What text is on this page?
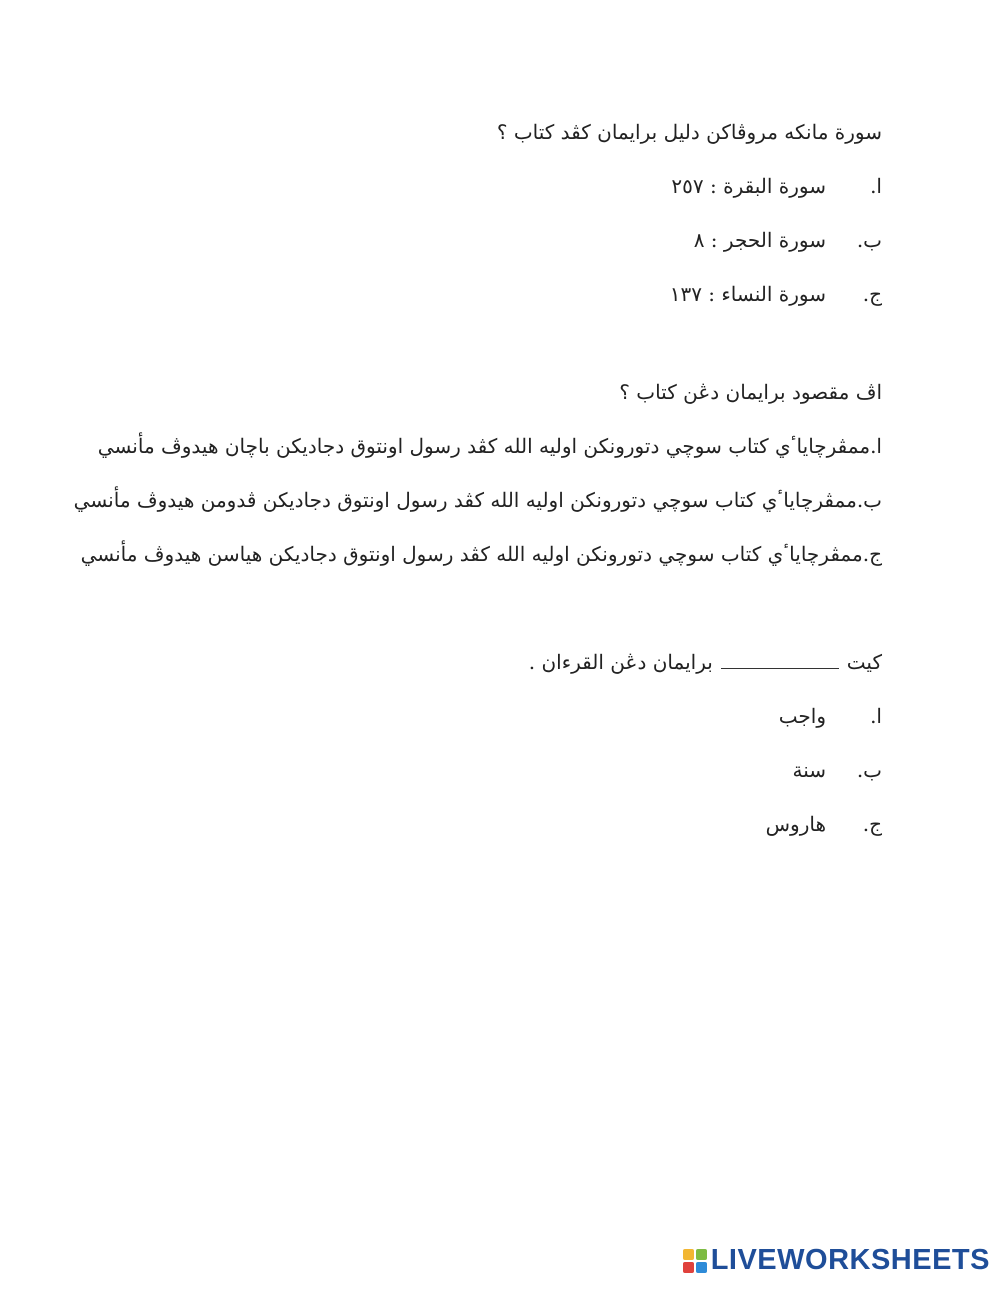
سورة مانكه مروڤاكن دليل برايمان كڤد كتاب ؟
ا.
سورة البقرة : ٢٥٧
ب.
سورة الحجر : ٨
ج.
سورة النساء : ١٣٧
اڤ مقصود برايمان دڠن كتاب ؟
ا.
ممڤرچاياٴي كتاب سوچي دتورونكن اوليه الله كڤد رسول اونتوق دجاديكن باچان هيدوڤ مأنسي
ب.
ممڤرچاياٴي كتاب سوچي دتورونكن اوليه الله كڤد رسول اونتوق دجاديكن ڤدومن هيدوڤ مأنسي
ج.
ممڤرچاياٴي كتاب سوچي دتورونكن اوليه الله كڤد رسول اونتوق دجاديكن هياسن هيدوڤ مأنسي
كيتبرايمان دڠن القرءان .
ا.
واجب
ب.
سنة
ج.
هاروس
LIVEWORKSHEETS
